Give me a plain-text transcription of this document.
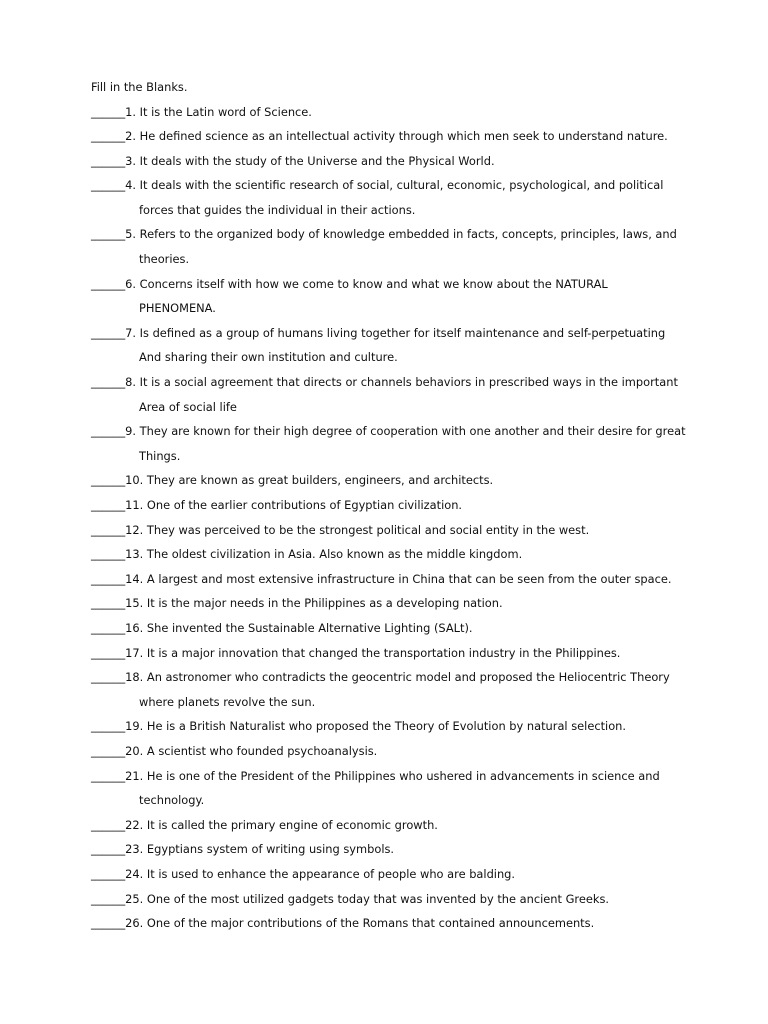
Fill in the Blanks.
______1. It is the Latin word of Science.
______2. He defined science as an intellectual activity through which men seek to understand nature.
______3. It deals with the study of the Universe and the Physical World.
______4. It deals with the scientific research of social, cultural, economic, psychological, and political
forces that guides the individual in their actions.
______5. Refers to the organized body of knowledge embedded in facts, concepts, principles, laws, and
theories.
______6. Concerns itself with how we come to know and what we know about the NATURAL
PHENOMENA.
______7. Is defined as a group of humans living together for itself maintenance and self-perpetuating
And sharing their own institution and culture.
______8. It is a social agreement that directs or channels behaviors in prescribed ways in the important
Area of social life
______9. They are known for their high degree of cooperation with one another and their desire for great
Things.
______10. They are known as great builders, engineers, and architects.
______11. One of the earlier contributions of Egyptian civilization.
______12. They was perceived to be the strongest political and social entity in the west.
______13. The oldest civilization in Asia. Also known as the middle kingdom.
______14. A largest and most extensive infrastructure in China that can be seen from the outer space.
______15. It is the major needs in the Philippines as a developing nation.
______16. She invented the Sustainable Alternative Lighting (SALt).
______17. It is a major innovation that changed the transportation industry in the Philippines.
______18. An astronomer who contradicts the geocentric model and proposed the Heliocentric Theory
where planets revolve the sun.
______19. He is a British Naturalist who proposed the Theory of Evolution by natural selection.
______20. A scientist who founded psychoanalysis.
______21. He is one of the President of the Philippines who ushered in advancements in science and
technology.
______22. It is called the primary engine of economic growth.
______23. Egyptians system of writing using symbols.
______24. It is used to enhance the appearance of people who are balding.
______25. One of the most utilized gadgets today that was invented by the ancient Greeks.
______26. One of the major contributions of the Romans that contained announcements.
